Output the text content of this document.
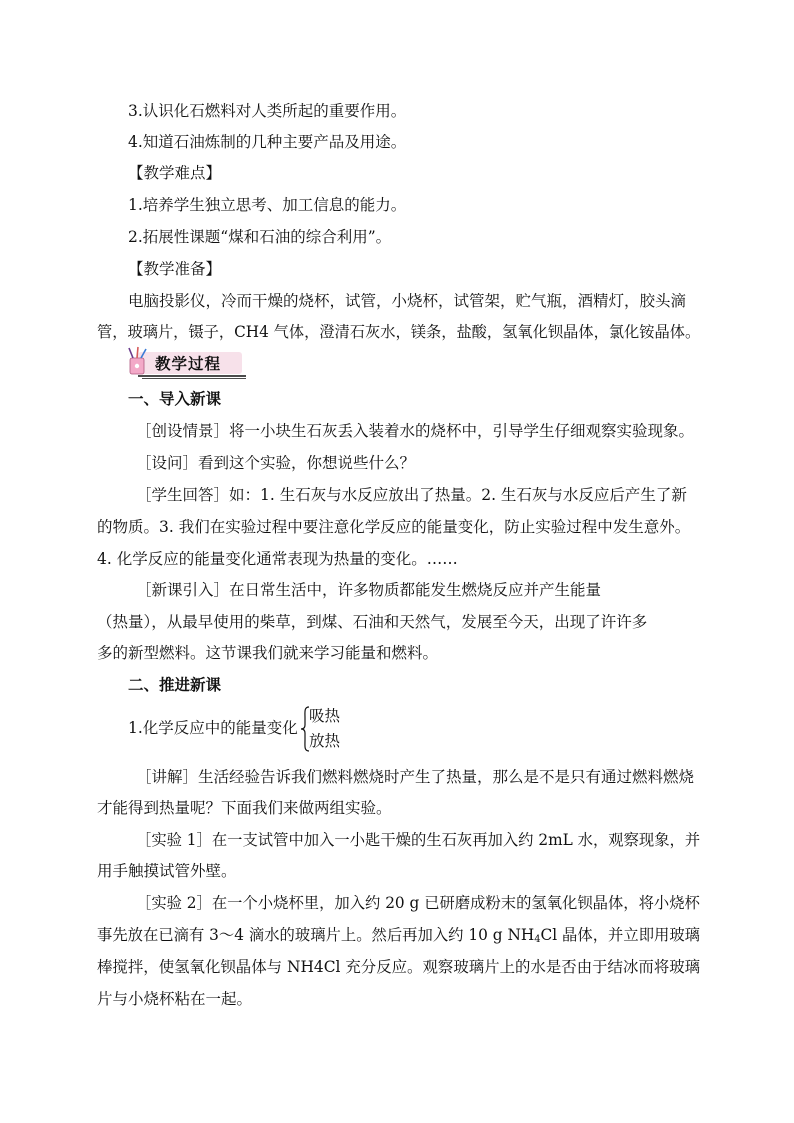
3.认识化石燃料对人类所起的重要作用。
4.知道石油炼制的几种主要产品及用途。
【教学难点】
1.培养学生独立思考、加工信息的能力。
2.拓展性课题“煤和石油的综合利用”。
【教学准备】
电脑投影仪，冷而干燥的烧杯，试管，小烧杯，试管架，贮气瓶，酒精灯，胶头滴
管，玻璃片，镊子，CH4 气体，澄清石灰水，镁条，盐酸，氢氧化钡晶体，氯化铵晶体。
教学过程
一、导入新课
［创设情景］将一小块生石灰丢入装着水的烧杯中，引导学生仔细观察实验现象。
［设问］看到这个实验，你想说些什么？
［学生回答］如：1. 生石灰与水反应放出了热量。2. 生石灰与水反应后产生了新
的物质。3. 我们在实验过程中要注意化学反应的能量变化，防止实验过程中发生意外。
4. 化学反应的能量变化通常表现为热量的变化。……
［新课引入］在日常生活中，许多物质都能发生燃烧反应并产生能量
（热量），从最早使用的柴草，到煤、石油和天然气，发展至今天，出现了许许多
多的新型燃料。这节课我们就来学习能量和燃料。
二、推进新课
1.化学反应中的能量变化
吸热
放热
［讲解］生活经验告诉我们燃料燃烧时产生了热量，那么是不是只有通过燃料燃烧
才能得到热量呢？下面我们来做两组实验。
［实验 1］在一支试管中加入一小匙干燥的生石灰再加入约 2mL 水，观察现象，并
用手触摸试管外壁。
［实验 2］在一个小烧杯里，加入约 20 g 已研磨成粉末的氢氧化钡晶体，将小烧杯
事先放在已滴有 3～4 滴水的玻璃片上。然后再加入约 10 g $NH_4Cl$ 晶体，并立即用玻璃
棒搅拌，使氢氧化钡晶体与 NH4Cl 充分反应。观察玻璃片上的水是否由于结冰而将玻璃
片与小烧杯粘在一起。
